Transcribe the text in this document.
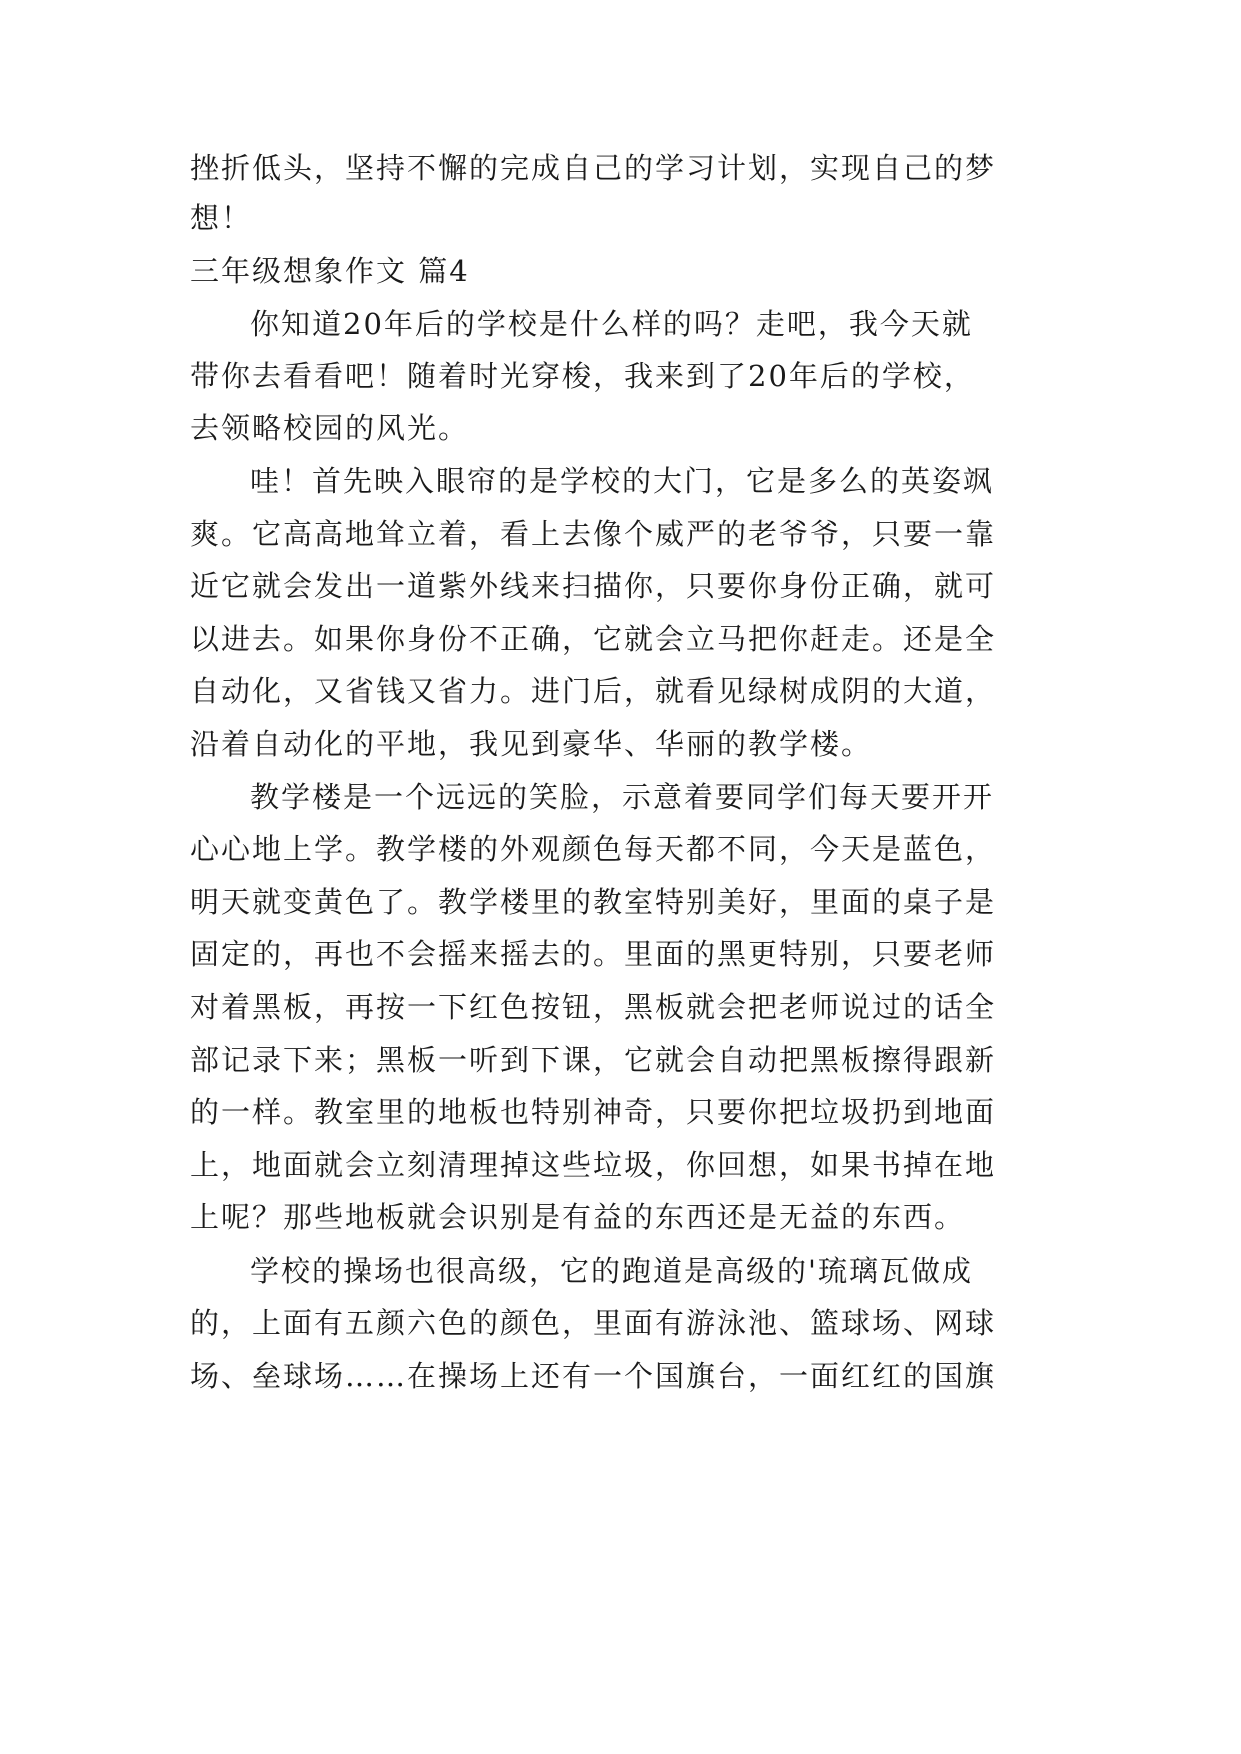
挫折低头，坚持不懈的完成自己的学习计划，实现自己的梦
想！
三年级想象作文 篇4
你知道20年后的学校是什么样的吗？走吧，我今天就
带你去看看吧！随着时光穿梭，我来到了20年后的学校，
去领略校园的风光。
哇！首先映入眼帘的是学校的大门，它是多么的英姿飒
爽。它高高地耸立着，看上去像个威严的老爷爷，只要一靠
近它就会发出一道紫外线来扫描你，只要你身份正确，就可
以进去。如果你身份不正确，它就会立马把你赶走。还是全
自动化，又省钱又省力。进门后，就看见绿树成阴的大道，
沿着自动化的平地，我见到豪华、华丽的教学楼。
教学楼是一个远远的笑脸，示意着要同学们每天要开开
心心地上学。教学楼的外观颜色每天都不同，今天是蓝色，
明天就变黄色了。教学楼里的教室特别美好，里面的桌子是
固定的，再也不会摇来摇去的。里面的黑更特别，只要老师
对着黑板，再按一下红色按钮，黑板就会把老师说过的话全
部记录下来；黑板一听到下课，它就会自动把黑板擦得跟新
的一样。教室里的地板也特别神奇，只要你把垃圾扔到地面
上，地面就会立刻清理掉这些垃圾，你回想，如果书掉在地
上呢？那些地板就会识别是有益的东西还是无益的东西。
学校的操场也很高级，它的跑道是高级的'琉璃瓦做成
的，上面有五颜六色的颜色，里面有游泳池、篮球场、网球
场、垒球场……在操场上还有一个国旗台，一面红红的国旗
